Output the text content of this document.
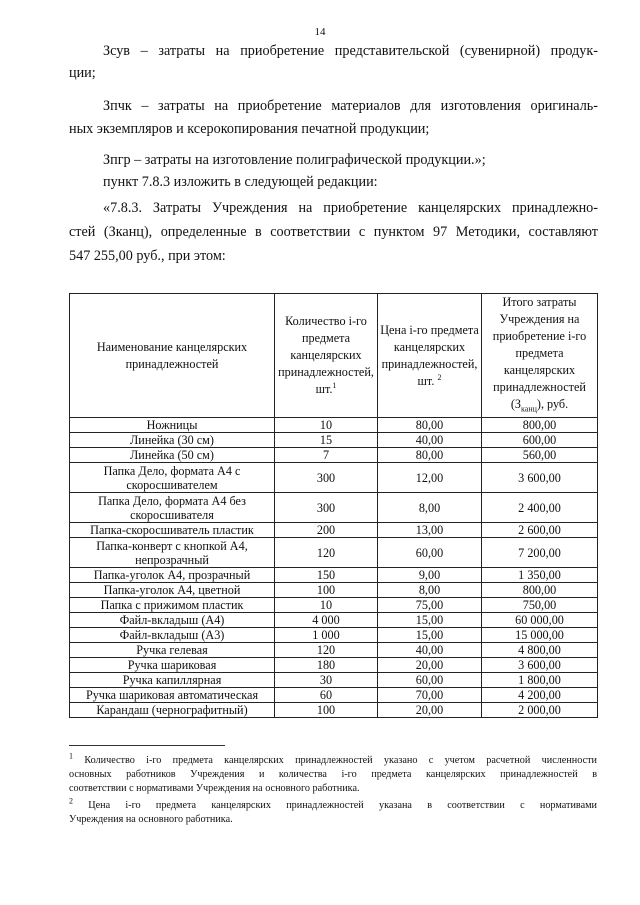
14
Зсув – затраты на приобретение представительской (сувенирной) продук-
ции;
Зпчк – затраты на приобретение материалов для изготовления оригиналь-
ных экземпляров и ксерокопирования печатной продукции;
Зпгр – затраты на изготовление полиграфической продукции.»;
пункт 7.8.3 изложить в следующей редакции:
«7.8.3. Затраты Учреждения на приобретение канцелярских принадлежно-
стей (Зканц), определенные в соответствии с пунктом 97 Методики, составляют
547 255,00 руб., при этом:
Наименование канцелярских принадлежностей	Количество i-го предмета канцелярских принадлежностей, шт.$^1$	Цена i-го предмета канцелярских принадлежностей, шт. $^2$	Итого затраты Учреждения на приобретение i-го предмета канцелярских принадлежностей $(З_{канц})$, руб.
Ножницы	10	80,00	800,00
Линейка (30 см)	15	40,00	600,00
Линейка (50 см)	7	80,00	560,00
Папка Дело, формата А4 с скоросшивателем	300	12,00	3 600,00
Папка Дело, формата А4 без скоросшивателя	300	8,00	2 400,00
Папка-скоросшиватель пластик	200	13,00	2 600,00
Папка-конверт с кнопкой А4, непрозрачный	120	60,00	7 200,00
Папка-уголок А4, прозрачный	150	9,00	1 350,00
Папка-уголок А4, цветной	100	8,00	800,00
Папка с прижимом пластик	10	75,00	750,00
Файл-вкладыш (А4)	4 000	15,00	60 000,00
Файл-вкладыш (А3)	1 000	15,00	15 000,00
Ручка гелевая	120	40,00	4 800,00
Ручка шариковая	180	20,00	3 600,00
Ручка капиллярная	30	60,00	1 800,00
Ручка шариковая автоматическая	60	70,00	4 200,00
Карандаш (чернографитный)	100	20,00	2 000,00
$^1$ Количество i-го предмета канцелярских принадлежностей указано с учетом расчетной численности
основных работников Учреждения и количества i-го предмета канцелярских принадлежностей в
соответствии с нормативами Учреждения на основного работника.
$^2$ Цена i-го предмета канцелярских принадлежностей указана в соответствии с нормативами
Учреждения на основного работника.
